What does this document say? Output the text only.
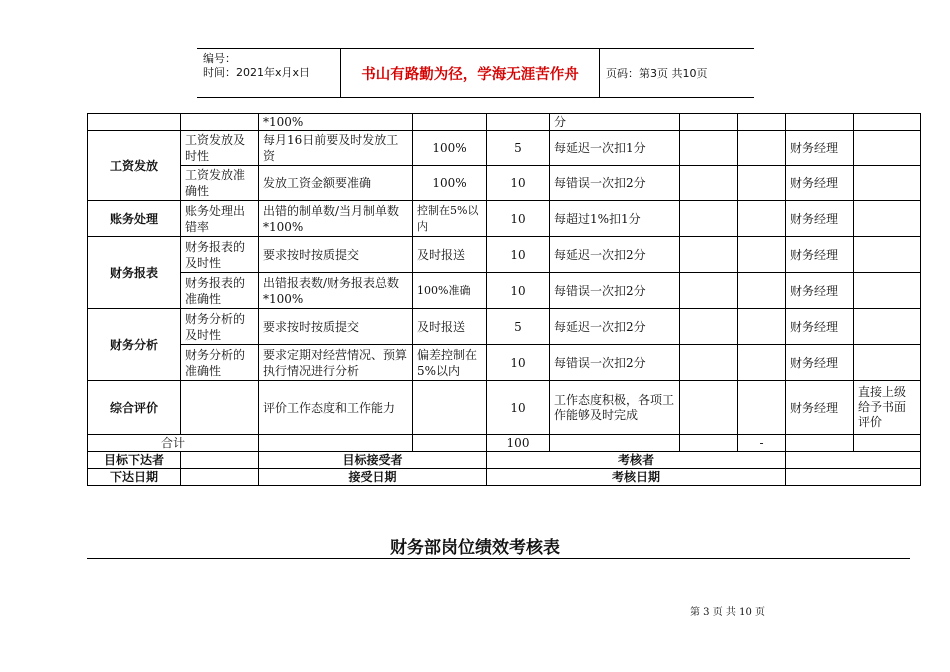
编号：
时间：2021年x月x日	书山有路勤为径，学海无涯苦作舟	页码：第3页 共10页
		*100%			分				
工资发放	工资发放及时性	每月16日前要及时发放工资	100%	5	每延迟一次扣1分			财务经理	
	工资发放准确性	发放工资金额要准确	100%	10	每错误一次扣2分			财务经理	
账务处理	账务处理出错率	出错的制单数/当月制单数*100%	控制在5%以内	10	每超过1%扣1分			财务经理	
财务报表	财务报表的及时性	要求按时按质提交	及时报送	10	每延迟一次扣2分			财务经理	
	财务报表的准确性	出错报表数/财务报表总数*100%	100%准确	10	每错误一次扣2分			财务经理	
财务分析	财务分析的及时性	要求按时按质提交	及时报送	5	每延迟一次扣2分			财务经理	
	财务分析的准确性	要求定期对经营情况、预算执行情况进行分析	偏差控制在5%以内	10	每错误一次扣2分			财务经理	
综合评价		评价工作态度和工作能力		10	工作态度积极，各项工作能够及时完成			财务经理	直接上级给予书面评价
合计				100			-		
目标下达者		目标接受者		考核者					
下达日期		接受日期		考核日期					
财务部岗位绩效考核表
第 3 页 共 10 页
